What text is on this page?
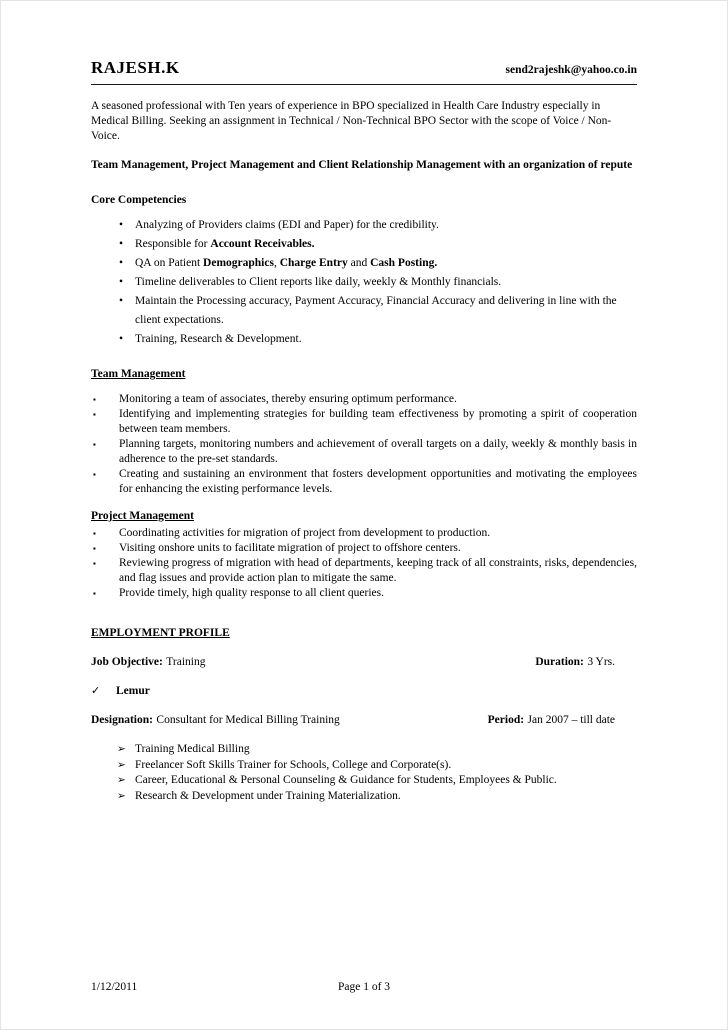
RAJESH.K	send2rajeshk@yahoo.co.in

A seasoned professional with Ten years of experience in BPO specialized in Health Care Industry especially in Medical Billing. Seeking an assignment in Technical / Non-Technical BPO Sector with the scope of Voice / Non-Voice.

Team Management, Project Management and Client Relationship Management with an organization of repute

Core Competencies
•	Analyzing of Providers claims (EDI and Paper) for the credibility.
•	Responsible for Account Receivables.
•	QA on Patient Demographics, Charge Entry and Cash Posting.
•	Timeline deliverables to Client reports like daily, weekly & Monthly financials.
•	Maintain the Processing accuracy, Payment Accuracy, Financial Accuracy and delivering in line with the client expectations.
•	Training, Research & Development.
Team Management
▪	Monitoring a team of associates, thereby ensuring optimum performance.
▪	Identifying and implementing strategies for building team effectiveness by promoting a spirit of cooperation between team members.
▪	Planning targets, monitoring numbers and achievement of overall targets on a daily, weekly & monthly basis in adherence to the pre-set standards.
▪	Creating and sustaining an environment that fosters development opportunities and motivating the employees for enhancing the existing performance levels.
Project Management
▪	Coordinating activities for migration of project from development to production.
▪	Visiting onshore units to facilitate migration of project to offshore centers.
▪	Reviewing progress of migration with head of departments, keeping track of all constraints, risks, dependencies, and flag issues and provide action plan to mitigate the same.
▪	Provide timely, high quality response to all client queries.
EMPLOYMENT PROFILE
Job Objective: Training	Duration: 3 Yrs.
✓	Lemur
Designation: Consultant for Medical Billing Training	Period: Jan 2007 – till date
➢ Training Medical Billing
➢ Freelancer Soft Skills Trainer for Schools, College and Corporate(s).
➢ Career, Educational & Personal Counseling & Guidance for Students, Employees & Public.
➢ Research & Development under Training Materialization.
1/12/2011	Page 1 of 3
